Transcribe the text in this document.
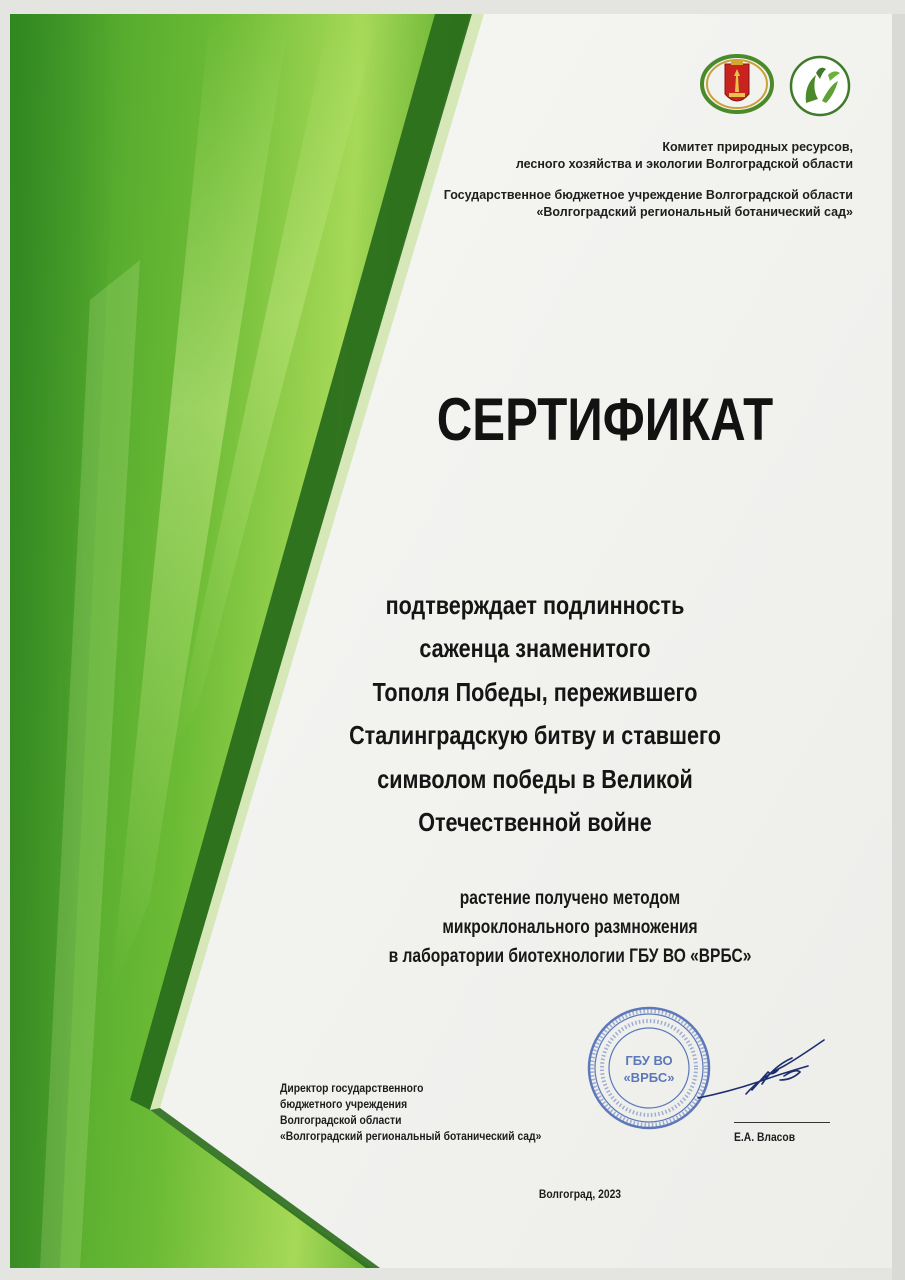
Комитет природных ресурсов,

лесного хозяйства и экологии Волгоградской области

Государственное бюджетное учреждение Волгоградской области

«Волгоградский региональный ботанический сад»

СЕРТИФИКАТ

подтверждает подлинность

саженца знаменитого

Тополя Победы, пережившего

Сталинградскую битву и ставшего

символом победы в Великой

Отечественной войне

растение получено методом

микроклонального размножения

в лаборатории биотехнологии ГБУ ВО «ВРБС»

ГБУ ВО
«ВРБС»

Директор государственного

бюджетного учреждения

Волгоградской области

«Волгоградский региональный ботанический сад»	Е.А. Власов

Волгоград, 2023
